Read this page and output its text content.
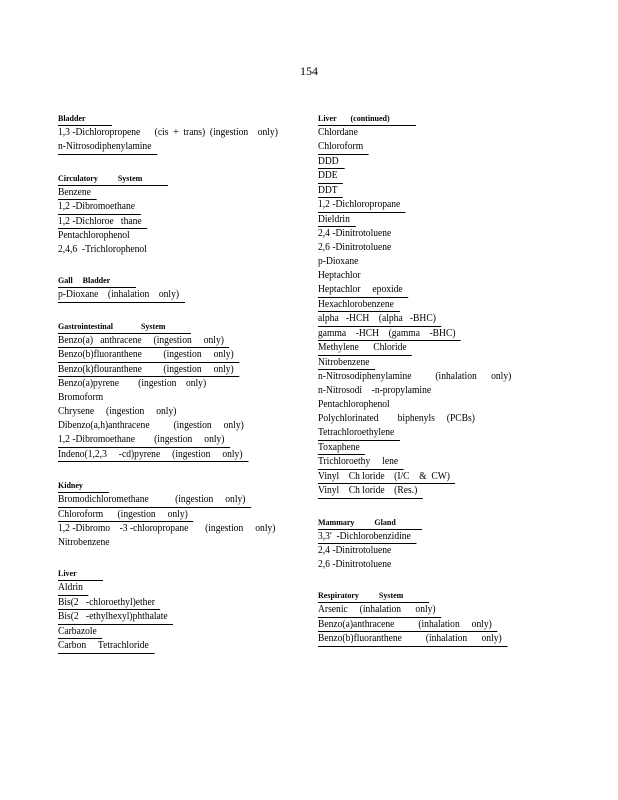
154
Bladder
1,3 -Dichloropropene      (cis  +  trans)  (ingestion    only)
n-Nitrosodiphenylamine
Circulatory          System
Benzene
1,2 -Dibromoethane
1,2 -Dichloroe   thane
Pentachlorophenol
2,4,6  -Trichlorophenol
Gall     Bladder
p-Dioxane    (inhalation    only)
Gastrointestinal              System
Benzo(a)   anthracene     (ingestion     only)
Benzo(b)fluoranthene         (ingestion     only)
Benzo(k)flouranthene         (ingestion     only)
Benzo(a)pyrene        (ingestion    only)
Bromoform
Chrysene     (ingestion     only)
Dibenzo(a,h)anthracene          (ingestion     only)
1,2 -Dibromoethane        (ingestion     only)
Indeno(1,2,3     -cd)pyrene     (ingestion     only)
Kidney
Bromodichloromethane           (ingestion     only)
Chloroform      (ingestion     only)
1,2 -Dibromo    -3 -chloropropane       (ingestion     only)
Nitrobenzene
Liver
Aldrin
Bis(2   -chloroethyl)ether
Bis(2   -ethylhexyl)phthalate
Carbazole
Carbon     Tetrachloride
Liver       (continued)
Chlordane
Chloroform
DDD
DDE
DDT
1,2 -Dichloropropane
Dieldrin
2,4 -Dinitrotoluene
2,6 -Dinitrotoluene
p-Dioxane
Heptachlor
Heptachlor     epoxide
Hexachlorobenzene
alpha   -HCH    (alpha   -BHC)
gamma    -HCH    (gamma    -BHC)
Methylene      Chloride
Nitrobenzene
n-Nitrosodiphenylamine          (inhalation      only)
n-Nitrosodi    -n-propylamine
Pentachlorophenol
Polychlorinated        biphenyls     (PCBs)
Tetrachloroethylene
Toxaphene
Trichloroethy     lene
Vinyl    Ch loride    (I/C    &  CW)
Vinyl    Ch loride    (Res.)
Mammary          Gland
3,3'  -Dichlorobenzidine
2,4 -Dinitrotoluene
2,6 -Dinitrotoluene
Respiratory          System
Arsenic     (inhalation      only)
Benzo(a)anthracene          (inhalation     only)
Benzo(b)fluoranthene          (inhalation      only)
